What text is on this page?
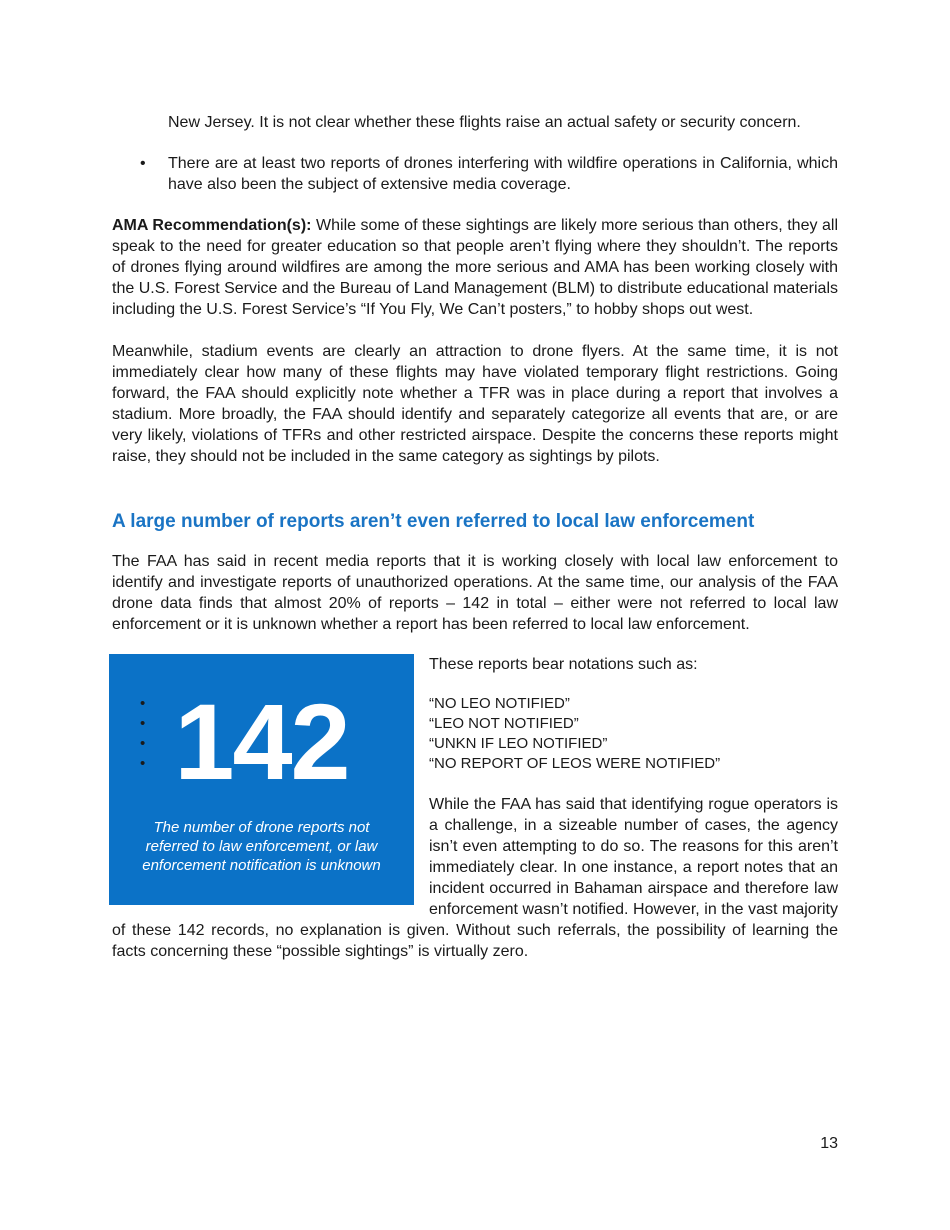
New Jersey. It is not clear whether these flights raise an actual safety or security concern.

• There are at least two reports of drones interfering with wildfire operations in California, which have also been the subject of extensive media coverage.

AMA Recommendation(s): While some of these sightings are likely more serious than others, they all speak to the need for greater education so that people aren’t flying where they shouldn’t. The reports of drones flying around wildfires are among the more serious and AMA has been working closely with the U.S. Forest Service and the Bureau of Land Management (BLM) to distribute educational materials including the U.S. Forest Service’s “If You Fly, We Can’t posters,” to hobby shops out west.

Meanwhile, stadium events are clearly an attraction to drone flyers. At the same time, it is not immediately clear how many of these flights may have violated temporary flight restrictions. Going forward, the FAA should explicitly note whether a TFR was in place during a report that involves a stadium. More broadly, the FAA should identify and separately categorize all events that are, or are very likely, violations of TFRs and other restricted airspace. Despite the concerns these reports might raise, they should not be included in the same category as sightings by pilots.

A large number of reports aren’t even referred to local law enforcement

The FAA has said in recent media reports that it is working closely with local law enforcement to identify and investigate reports of unauthorized operations. At the same time, our analysis of the FAA drone data finds that almost 20% of reports – 142 in total – either were not referred to local law enforcement or it is unknown whether a report has been referred to local law enforcement.

142
The number of drone reports not referred to law enforcement, or law enforcement notification is unknown

These reports bear notations such as:

•	“NO LEO NOTIFIED”
•	“LEO NOT NOTIFIED”
•	“UNKN IF LEO NOTIFIED”
•	“NO REPORT OF LEOS WERE NOTIFIED”

While the FAA has said that identifying rogue operators is a challenge, in a sizeable number of cases, the agency isn’t even attempting to do so. The reasons for this aren’t immediately clear. In one instance, a report notes that an incident occurred in Bahaman airspace and therefore law enforcement wasn’t notified. However, in the vast majority of these 142 records, no explanation is given. Without such referrals, the possibility of learning the facts concerning these “possible sightings” is virtually zero.

13
